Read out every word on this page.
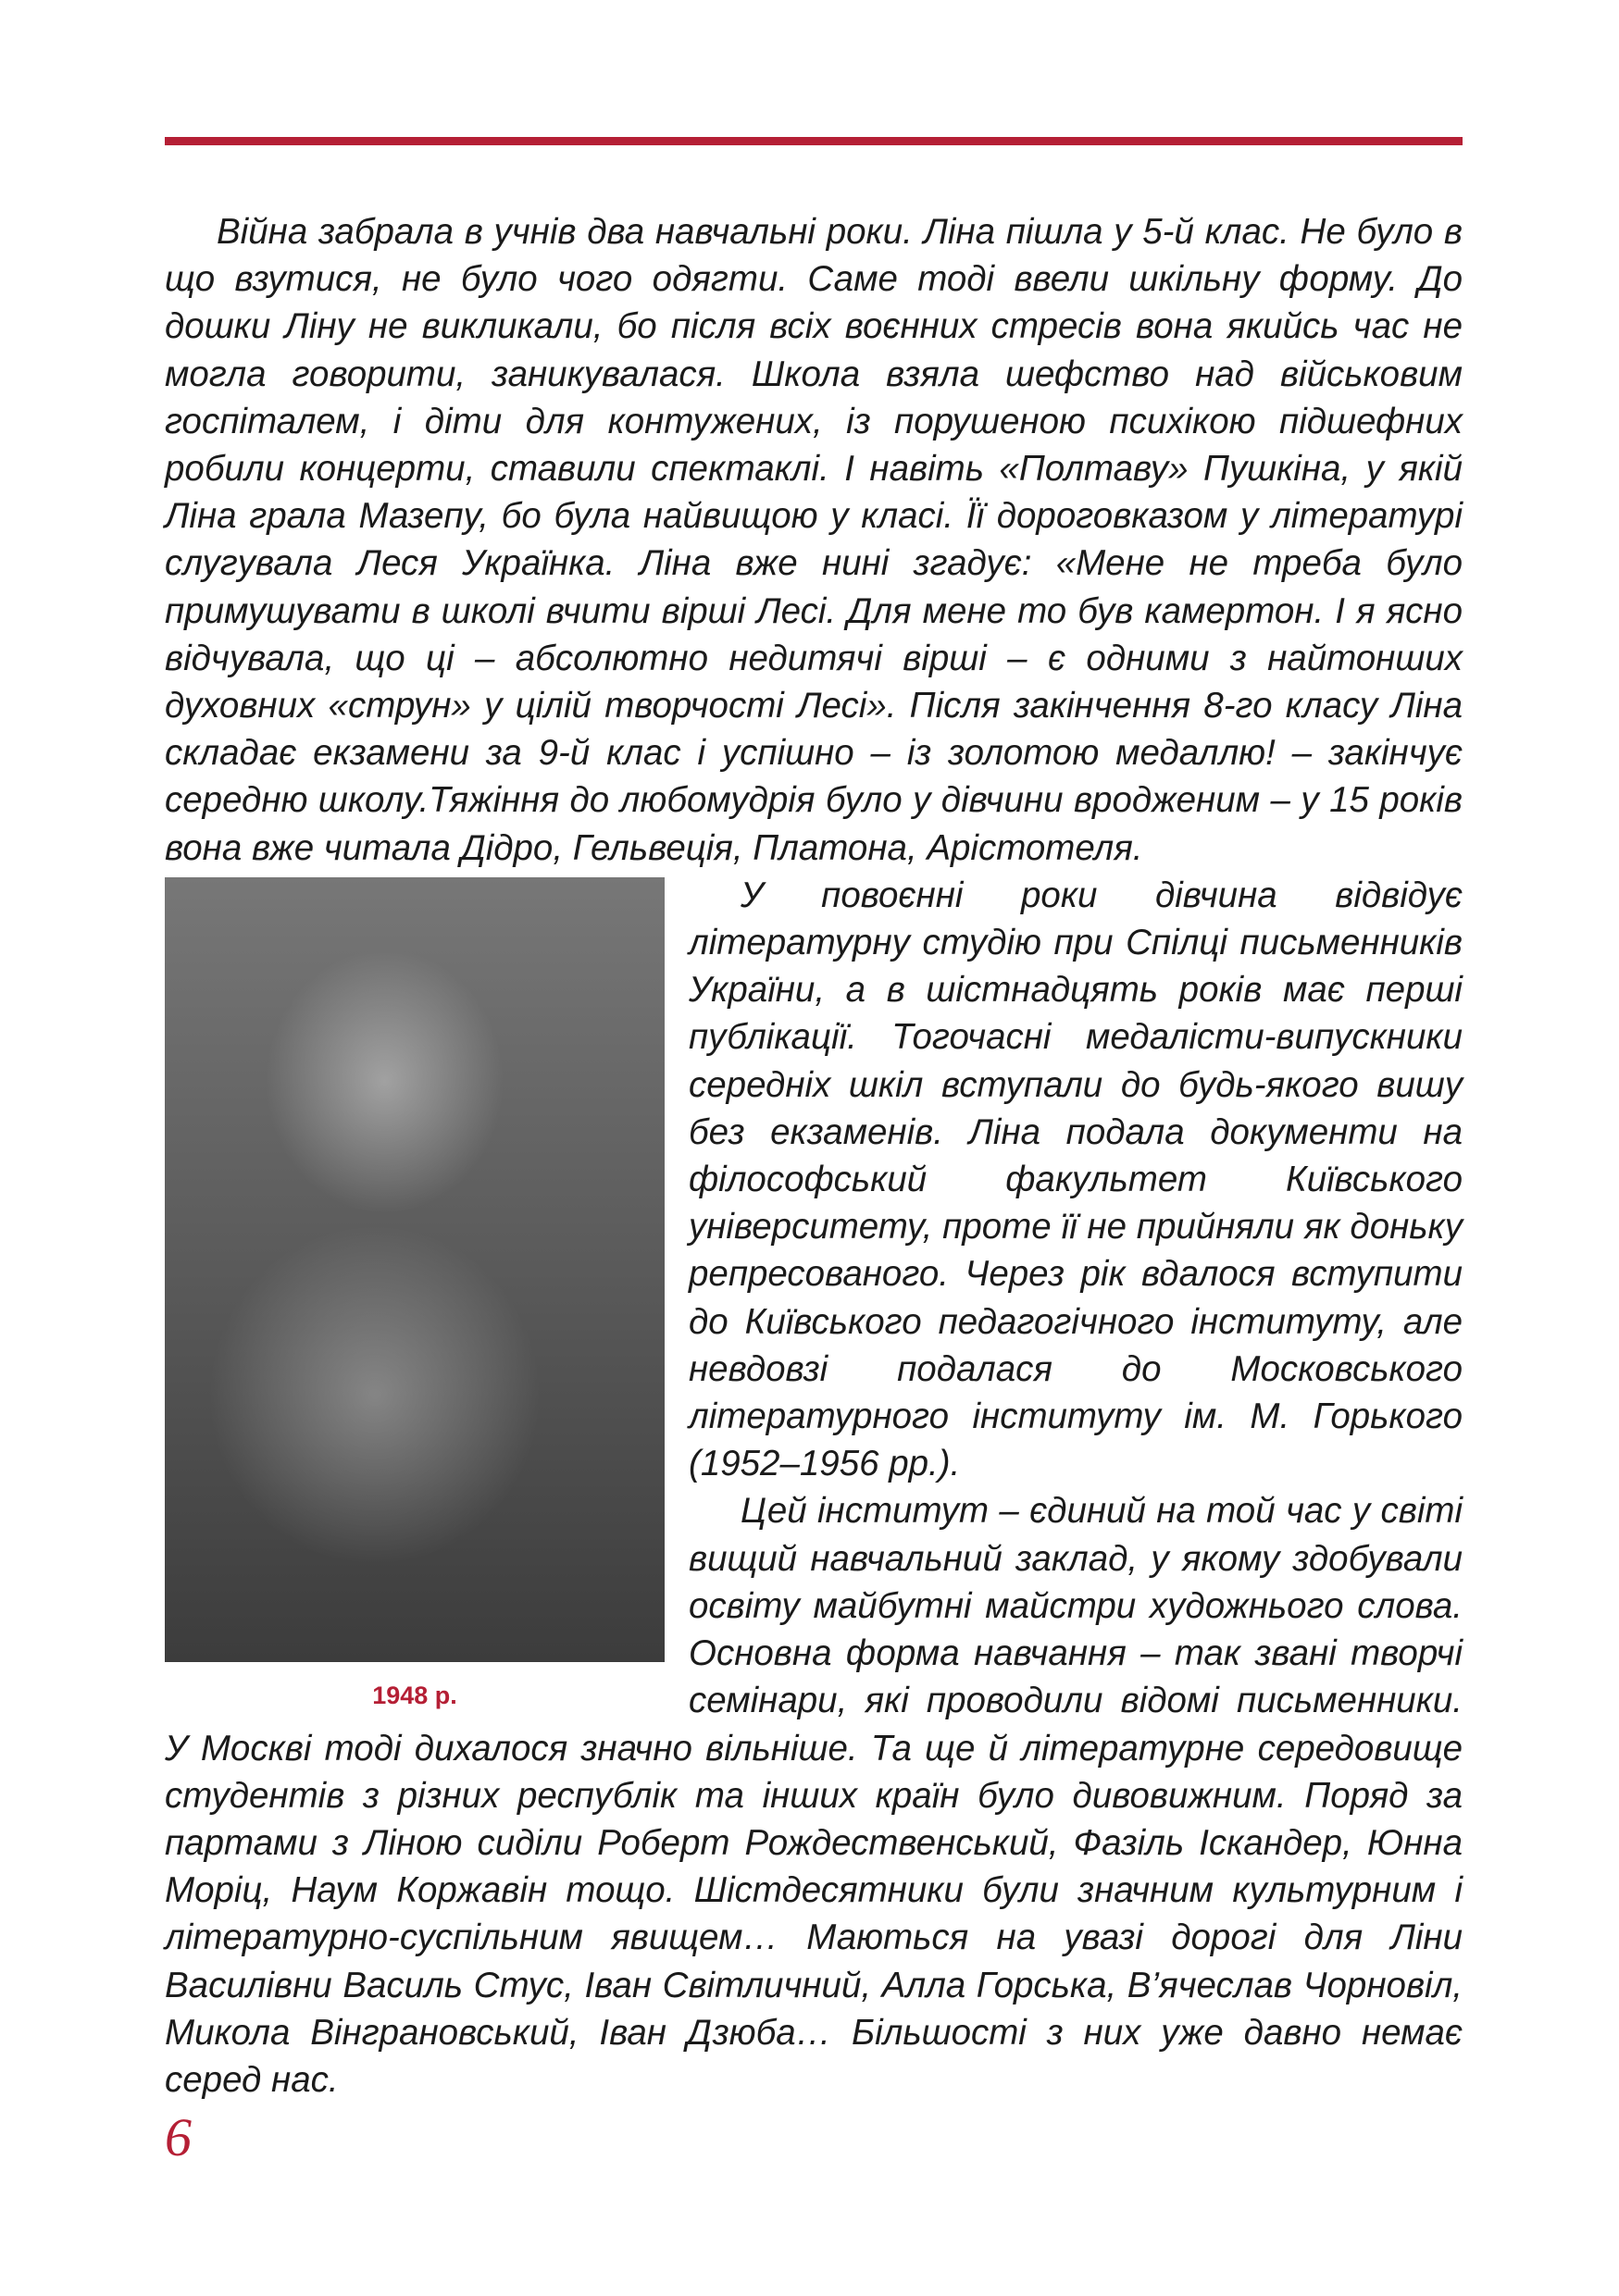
Війна забрала в учнів два навчальні роки. Ліна пішла у 5-й клас. Не було в що взутися, не було чого одягти. Саме тоді ввели шкільну форму. До дошки Ліну не викликали, бо після всіх воєнних стресів вона якийсь час не могла говорити, заникувалася. Школа взяла шефство над військовим госпіталем, і діти для контужених, із порушеною психікою підшефних робили концерти, ставили спектаклі. І навіть «Полтаву» Пушкіна, у якій Ліна грала Мазепу, бо була найвищою у класі. Її дороговказом у літературі слугувала Леся Українка. Ліна вже нині згадує: «Мене не треба було примушувати в школі вчити вірші Лесі. Для мене то був камертон. І я ясно відчувала, що ці – абсолютно недитячі вірші – є одними з найтонших духовних «струн» у цілій творчості Лесі». Після закінчення 8-го класу Ліна складає екзамени за 9-й клас і успішно – із золотою медаллю! – закінчує середню школу.Тяжіння до любомудрія було у дівчини вродженим – у 15 років вона вже читала Дідро, Гельвеція, Платона, Арістотеля.

1948 р.

У повоєнні роки дівчина відвідує літературну студію при Спілці письменників України, а в шістнадцять років має перші публікації. Тогочасні медалісти-випускники середніх шкіл вступали до будь-якого вишу без екзаменів. Ліна подала документи на філософський факультет Київського університету, проте її не прийняли як доньку репресованого. Через рік вдалося вступити до Київського педагогічного інституту, але невдовзі подалася до Московського літературного інституту ім. М. Горького (1952–1956 рр.).

Цей інститут – єдиний на той час у світі вищий навчальний заклад, у якому здобували освіту майбутні майстри художнього слова. Основна форма навчання – так звані творчі семінари, які проводили відомі письменники. У Москві тоді дихалося значно вільніше. Та ще й літературне середовище студентів з різних республік та інших країн було дивовижним. Поряд за партами з Ліною сиділи Роберт Рождественський, Фазіль Іскандер, Юнна Моріц, Наум Коржавін тощо. Шістдесятники були значним культурним і літературно-суспільним явищем… Маються на увазі дорогі для Ліни Василівни Василь Стус, Іван Світличний, Алла Горська, В’ячеслав Чорновіл, Микола Вінграновський, Іван Дзюба… Більшості з них уже давно немає серед нас.

6
